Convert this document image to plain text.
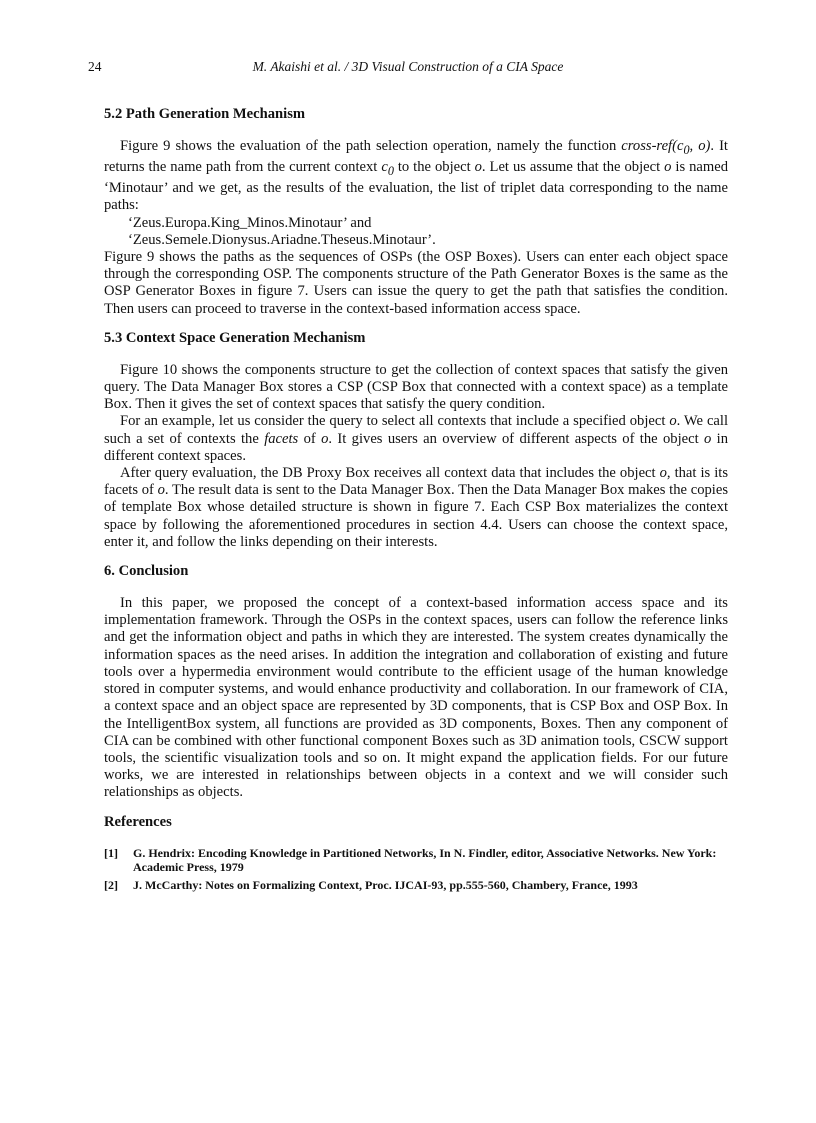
24	M. Akaishi et al. / 3D Visual Construction of a CIA Space
5.2 Path Generation Mechanism

Figure 9 shows the evaluation of the path selection operation, namely the function cross-$ref(c_0$, o). It returns the name path from the current context $c_0$ to the object o. Let us assume that the object o is named ‘Minotaur’ and we get, as the results of the evaluation, the list of triplet data corresponding to the name paths:

‘Zeus.Europa.King_Minos.Minotaur’ and

‘Zeus.Semele.Dionysus.Ariadne.Theseus.Minotaur’.

Figure 9 shows the paths as the sequences of OSPs (the OSP Boxes). Users can enter each object space through the corresponding OSP. The components structure of the Path Generator Boxes is the same as the OSP Generator Boxes in figure 7. Users can issue the query to get the path that satisfies the condition. Then users can proceed to traverse in the context-based information access space.

5.3 Context Space Generation Mechanism

Figure 10 shows the components structure to get the collection of context spaces that satisfy the given query. The Data Manager Box stores a CSP (CSP Box that connected with a context space) as a template Box. Then it gives the set of context spaces that satisfy the query condition.

For an example, let us consider the query to select all contexts that include a specified object o. We call such a set of contexts the facets of o. It gives users an overview of different aspects of the object o in different context spaces.

After query evaluation, the DB Proxy Box receives all context data that includes the object o, that is its facets of o. The result data is sent to the Data Manager Box. Then the Data Manager Box makes the copies of template Box whose detailed structure is shown in figure 7. Each CSP Box materializes the context space by following the aforementioned procedures in section 4.4. Users can choose the context space, enter it, and follow the links depending on their interests.

6. Conclusion

In this paper, we proposed the concept of a context-based information access space and its implementation framework. Through the OSPs in the context spaces, users can follow the reference links and get the information object and paths in which they are interested. The system creates dynamically the information spaces as the need arises. In addition the integration and collaboration of existing and future tools over a hypermedia environment would contribute to the efficient usage of the human knowledge stored in computer systems, and would enhance productivity and collaboration. In our framework of CIA, a context space and an object space are represented by 3D components, that is CSP Box and OSP Box. In the IntelligentBox system, all functions are provided as 3D components, Boxes. Then any component of CIA can be combined with other functional component Boxes such as 3D animation tools, CSCW support tools, the scientific visualization tools and so on. It might expand the application fields. For our future works, we are interested in relationships between objects in a context and we will consider such relationships as objects.

References
[1] G. Hendrix: Encoding Knowledge in Partitioned Networks, In N. Findler, editor, Associative Networks. New York: Academic Press, 1979
[2] J. McCarthy: Notes on Formalizing Context, Proc. IJCAI-93, pp.555-560, Chambery, France, 1993
